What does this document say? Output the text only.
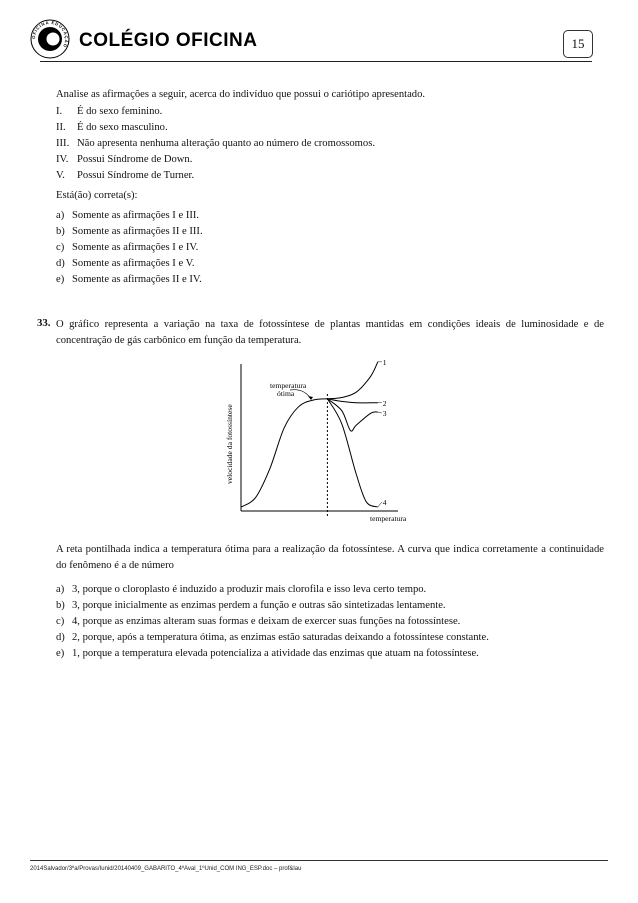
OFICINA EDUCAÇÃO COLÉGIO OFICINA	15
Analise as afirmações a seguir, acerca do indivíduo que possui o cariótipo apresentado.
I. É do sexo feminino.
II. É do sexo masculino.
III. Não apresenta nenhuma alteração quanto ao número de cromossomos.
IV. Possui Síndrome de Down.
V. Possui Síndrome de Turner.
Está(ão) correta(s):
a) Somente as afirmações I e III.
b) Somente as afirmações II e III.
c) Somente as afirmações I e IV.
d) Somente as afirmações I e V.
e) Somente as afirmações II e IV.
33. O gráfico representa a variação na taxa de fotossíntese de plantas mantidas em condições ideais de luminosidade e de concentração de gás carbônico em função da temperatura.
velocidade da fotossíntese
temperatura
temperatura
ótima
1
2
3
4
A reta pontilhada indica a temperatura ótima para a realização da fotossíntese. A curva que indica corretamente a continuidade do fenômeno é a de número
a) 3, porque o cloroplasto é induzido a produzir mais clorofila e isso leva certo tempo.
b) 3, porque inicialmente as enzimas perdem a função e outras são sintetizadas lentamente.
c) 4, porque as enzimas alteram suas formas e deixam de exercer suas funções na fotossíntese.
d) 2, porque, após a temperatura ótima, as enzimas estão saturadas deixando a fotossíntese constante.
e) 1, porque a temperatura elevada potencializa a atividade das enzimas que atuam na fotossíntese.
2014Salvador/3ºa/Provas/Iunid/20140409_GABARITO_4ºAval_1ºUnid_COM ING_ESP.doc – prof&lau
